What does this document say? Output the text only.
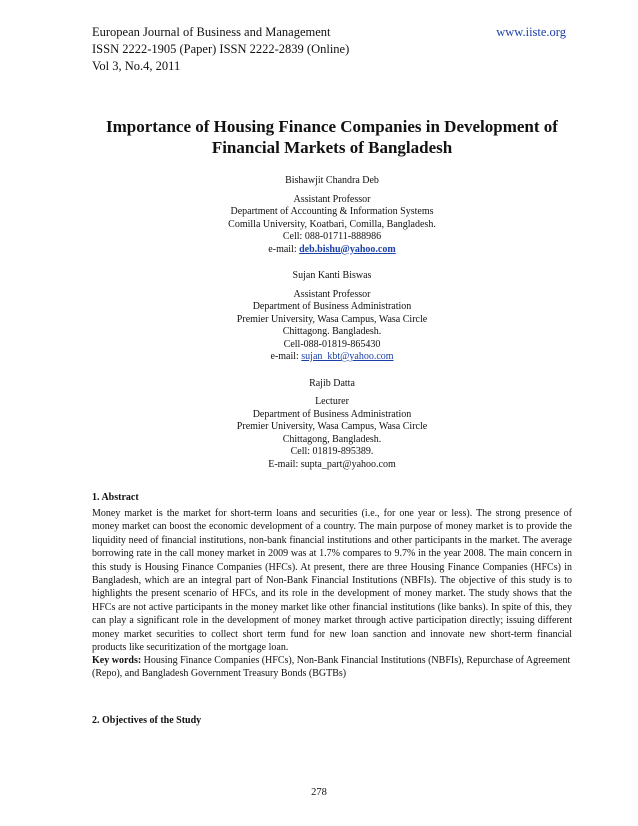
European Journal of Business and Management
ISSN 2222-1905 (Paper) ISSN 2222-2839 (Online)
Vol 3, No.4, 2011
www.iiste.org
Importance of Housing Finance Companies in Development of
Financial Markets of Bangladesh
Bishawjit Chandra Deb
Assistant Professor
Department of Accounting & Information Systems
Comilla University, Koatbari, Comilla, Bangladesh.
Cell: 088-01711-888986
e-mail: deb.bishu@yahoo.com
Sujan Kanti Biswas
Assistant Professor
Department of Business Administration
Premier University, Wasa Campus, Wasa Circle
Chittagong. Bangladesh.
Cell-088-01819-865430
e-mail: sujan_kbt@yahoo.com
Rajib Datta
Lecturer
Department of Business Administration
Premier University, Wasa Campus, Wasa Circle
Chittagong, Bangladesh.
Cell: 01819-895389.
E-mail: supta_part@yahoo.com
1. Abstract

Money market is the market for short-term loans and securities (i.e., for one year or less). The strong presence of money market can boost the economic development of a country. The main purpose of money market is to provide the liquidity need of financial institutions, non-bank financial institutions and other participants in the market. The average borrowing rate in the call money market in 2009 was at 1.7% compares to 9.7% in the year 2008. The main concern in this study is Housing Finance Companies (HFCs). At present, there are three Housing Finance Companies (HFCs) in Bangladesh, which are an integral part of Non-Bank Financial Institutions (NBFIs). The objective of this study is to highlights the present scenario of HFCs, and its role in the development of money market. The study shows that the HFCs are not active participants in the money market like other financial institutions (like banks). In spite of this, they can play a significant role in the development of money market through active participation directly; issuing different money market securities to collect short term fund for new loan sanction and innovate new short-term financial products like securitization of the mortgage loan.

Key words: Housing Finance Companies (HFCs), Non-Bank Financial Institutions (NBFIs), Repurchase of Agreement (Repo), and Bangladesh Government Treasury Bonds (BGTBs)

2. Objectives of the Study
278
